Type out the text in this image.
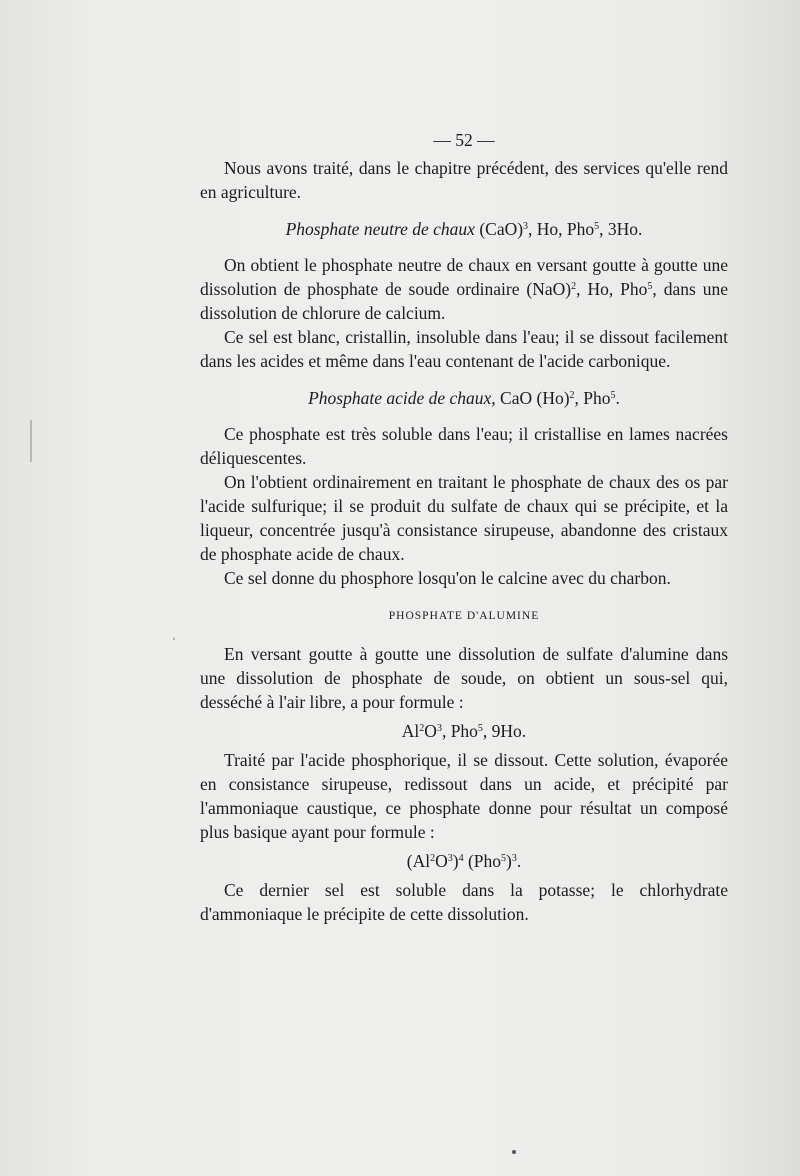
‘
— 52 —

Nous avons traité, dans le chapitre précédent, des services qu'elle rend en agriculture.

Phosphate neutre de chaux (CaO)$^3$, Ho, Pho$^5$, 3Ho.

On obtient le phosphate neutre de chaux en versant goutte à goutte une dissolution de phosphate de soude ordinaire (NaO)$^2$, Ho, Pho$^5$, dans une dissolution de chlorure de calcium.

Ce sel est blanc, cristallin, insoluble dans l'eau; il se dissout facilement dans les acides et même dans l'eau contenant de l'acide carbonique.

Phosphate acide de chaux, CaO $(Ho)^2$, Pho$^5$.

Ce phosphate est très soluble dans l'eau; il cristallise en lames nacrées déliquescentes.

On l'obtient ordinairement en traitant le phosphate de chaux des os par l'acide sulfurique; il se produit du sulfate de chaux qui se précipite, et la liqueur, concentrée jusqu'à consistance sirupeuse, abandonne des cristaux de phosphate acide de chaux.

Ce sel donne du phosphore losqu'on le calcine avec du charbon.

PHOSPHATE D'ALUMINE

En versant goutte à goutte une dissolution de sulfate d'alumine dans une dissolution de phosphate de soude, on obtient un sous-sel qui, desséché à l'air libre, a pour formule :

$Al^2O^3$, Pho$^5$, 9Ho.

Traité par l'acide phosphorique, il se dissout. Cette solution, évaporée en consistance sirupeuse, redissout dans un acide, et précipité par l'ammoniaque caustique, ce phosphate donne pour résultat un composé plus basique ayant pour formule :

$(Al^2O^3)^4$ $(Pho^5)^3$.

Ce dernier sel est soluble dans la potasse; le chlorhydrate d'ammoniaque le précipite de cette dissolution.
